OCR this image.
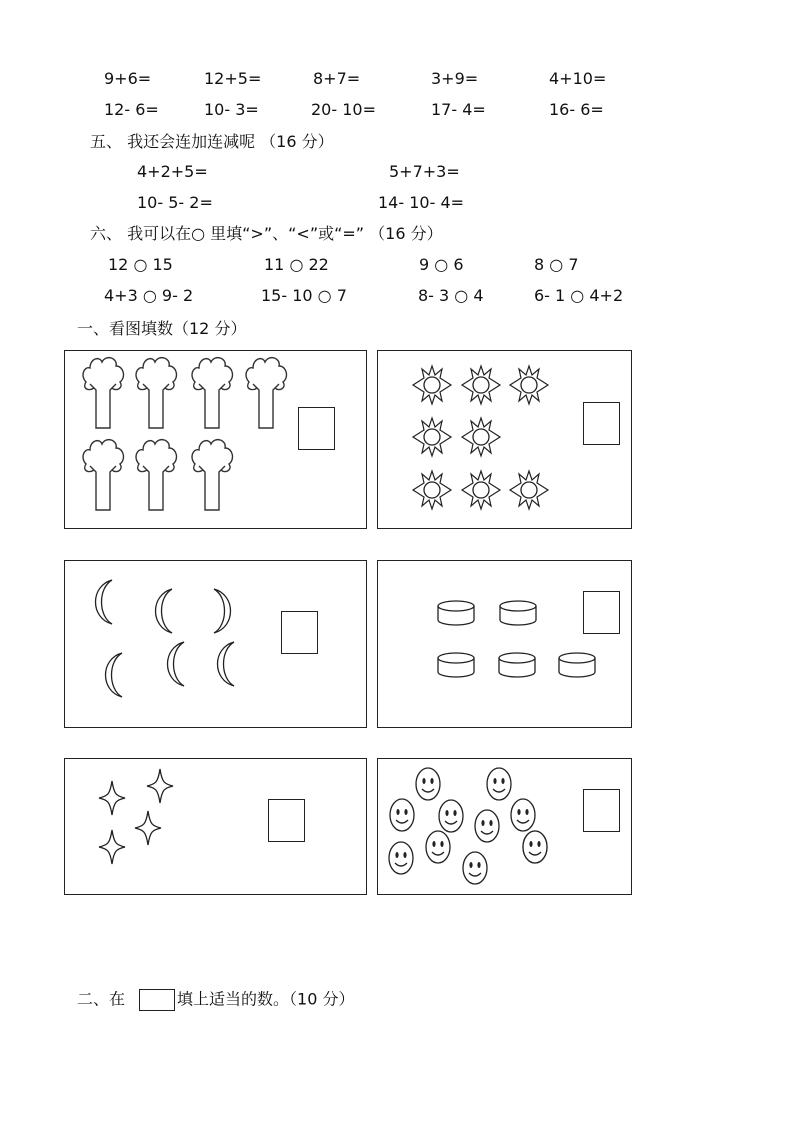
9+6=	12+5=	8+7=	3+9=	4+10=
12- 6=	10- 3=	20- 10=	17- 4=	16- 6=
五、 我还会连加连减呢 （16 分）
4+2+5=	5+7+3=
10- 5- 2=	14- 10- 4=
六、 我可以在○ 里填“>”、“<”或“=” （16 分）
12 ○ 15	11 ○ 22	9 ○ 6	8 ○ 7
4+3 ○ 9- 2	15- 10 ○ 7	8- 3 ○ 4	6- 1 ○ 4+2
一、看图填数（12 分）
二、在	填上适当的数。（10 分）
